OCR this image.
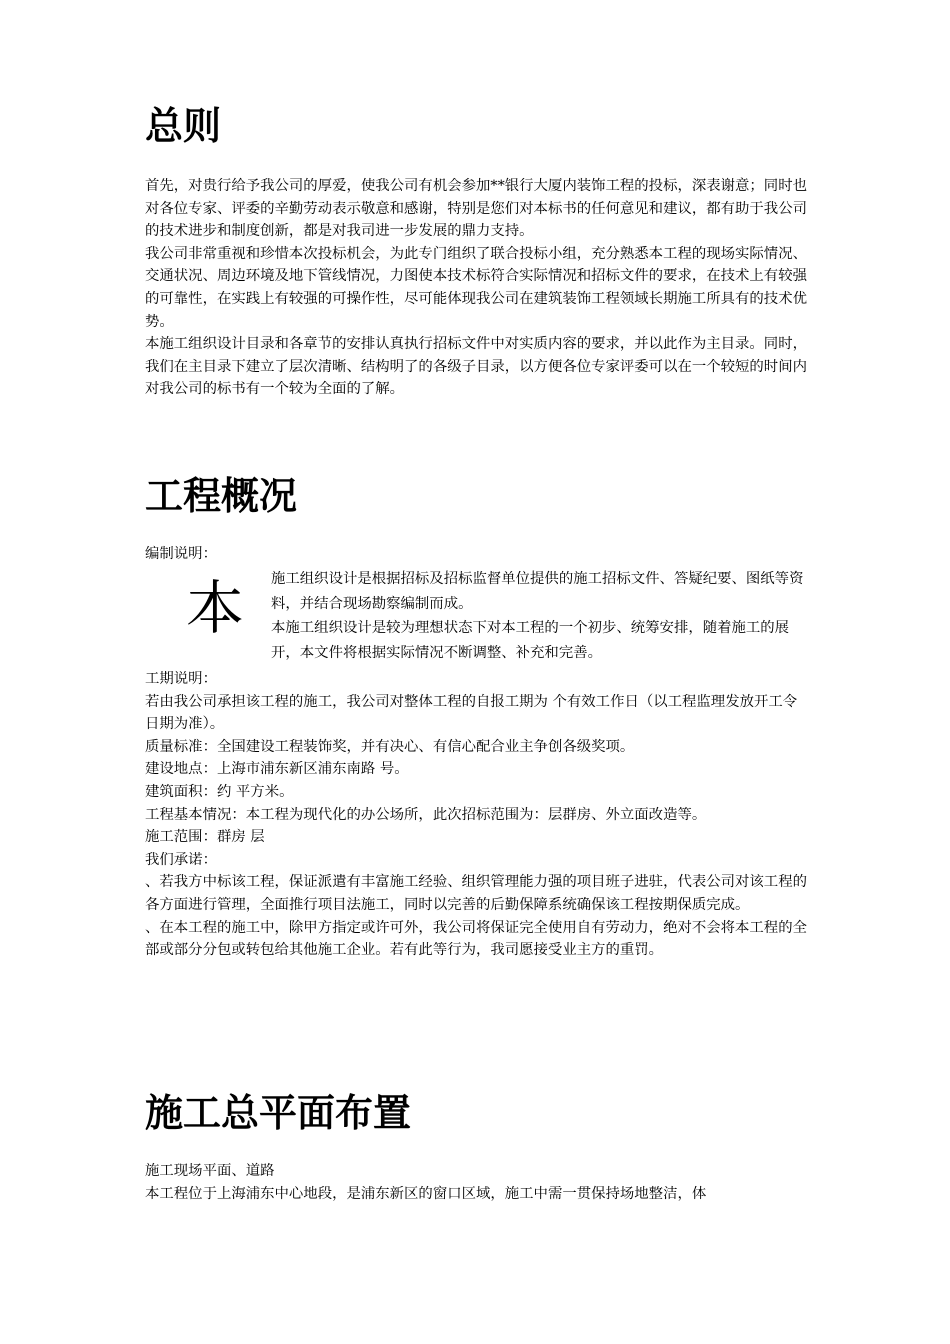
总则

首先，对贵行给予我公司的厚爱，使我公司有机会参加**银行大厦内装饰工程的投标，深表谢意；同时也对各位专家、评委的辛勤劳动表示敬意和感谢，特别是您们对本标书的任何意见和建议，都有助于我公司的技术进步和制度创新，都是对我司进一步发展的鼎力支持。

我公司非常重视和珍惜本次投标机会，为此专门组织了联合投标小组，充分熟悉本工程的现场实际情况、交通状况、周边环境及地下管线情况，力图使本技术标符合实际情况和招标文件的要求，在技术上有较强的可靠性，在实践上有较强的可操作性，尽可能体现我公司在建筑装饰工程领域长期施工所具有的技术优势。

本施工组织设计目录和各章节的安排认真执行招标文件中对实质内容的要求，并以此作为主目录。同时，我们在主目录下建立了层次清晰、结构明了的各级子目录，以方便各位专家评委可以在一个较短的时间内对我公司的标书有一个较为全面的了解。

工程概况

编制说明：

本 施工组织设计是根据招标及招标监督单位提供的施工招标文件、答疑纪要、图纸等资料，并结合现场勘察编制而成。

本施工组织设计是较为理想状态下对本工程的一个初步、统筹安排，随着施工的展开，本文件将根据实际情况不断调整、补充和完善。

工期说明：

若由我公司承担该工程的施工，我公司对整体工程的自报工期为 个有效工作日（以工程监理发放开工令日期为准）。

质量标准：全国建设工程装饰奖，并有决心、有信心配合业主争创各级奖项。

建设地点：上海市浦东新区浦东南路 号。

建筑面积：约 平方米。

工程基本情况：本工程为现代化的办公场所，此次招标范围为：层群房、外立面改造等。

施工范围：群房 层

我们承诺：

、若我方中标该工程，保证派遣有丰富施工经验、组织管理能力强的项目班子进驻，代表公司对该工程的各方面进行管理，全面推行项目法施工，同时以完善的后勤保障系统确保该工程按期保质完成。

、在本工程的施工中，除甲方指定或许可外，我公司将保证完全使用自有劳动力，绝对不会将本工程的全部或部分分包或转包给其他施工企业。若有此等行为，我司愿接受业主方的重罚。

施工总平面布置

施工现场平面、道路

本工程位于上海浦东中心地段，是浦东新区的窗口区域，施工中需一贯保持场地整洁，体
